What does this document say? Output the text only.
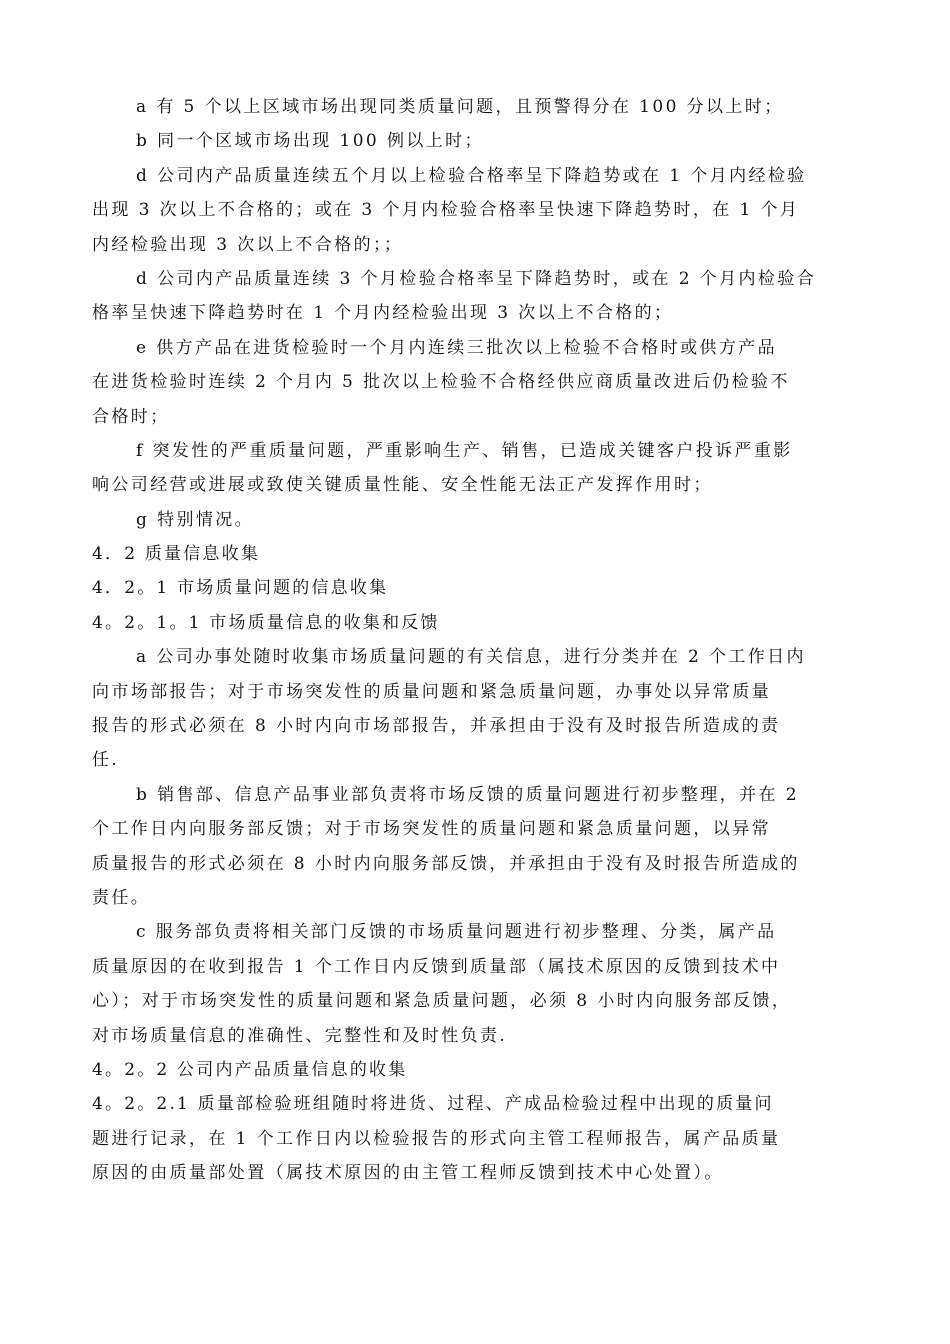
a 有 5 个以上区域市场出现同类质量问题，且预警得分在 100 分以上时；
b 同一个区域市场出现 100 例以上时；
d 公司内产品质量连续五个月以上检验合格率呈下降趋势或在 1 个月内经检验
出现 3 次以上不合格的；或在 3 个月内检验合格率呈快速下降趋势时，在 1 个月
内经检验出现 3 次以上不合格的；；
d 公司内产品质量连续 3 个月检验合格率呈下降趋势时，或在 2 个月内检验合
格率呈快速下降趋势时在 1 个月内经检验出现 3 次以上不合格的；
e 供方产品在进货检验时一个月内连续三批次以上检验不合格时或供方产品
在进货检验时连续 2 个月内 5 批次以上检验不合格经供应商质量改进后仍检验不
合格时；
f 突发性的严重质量问题，严重影响生产、销售，已造成关键客户投诉严重影
响公司经营或进展或致使关键质量性能、安全性能无法正产发挥作用时；
g 特别情况。
4．2 质量信息收集
4．2。1 市场质量问题的信息收集
4。2。1。1 市场质量信息的收集和反馈
a 公司办事处随时收集市场质量问题的有关信息，进行分类并在 2 个工作日内
向市场部报告；对于市场突发性的质量问题和紧急质量问题，办事处以异常质量
报告的形式必须在 8 小时内向市场部报告，并承担由于没有及时报告所造成的责
任.
b 销售部、信息产品事业部负责将市场反馈的质量问题进行初步整理，并在 2
个工作日内向服务部反馈；对于市场突发性的质量问题和紧急质量问题，以异常
质量报告的形式必须在 8 小时内向服务部反馈，并承担由于没有及时报告所造成的
责任。
c 服务部负责将相关部门反馈的市场质量问题进行初步整理、分类，属产品
质量原因的在收到报告 1 个工作日内反馈到质量部（属技术原因的反馈到技术中
心）；对于市场突发性的质量问题和紧急质量问题，必须 8 小时内向服务部反馈，
对市场质量信息的准确性、完整性和及时性负责.
4。2。2 公司内产品质量信息的收集
4。2。2.1 质量部检验班组随时将进货、过程、产成品检验过程中出现的质量问
题进行记录，在 1 个工作日内以检验报告的形式向主管工程师报告，属产品质量
原因的由质量部处置（属技术原因的由主管工程师反馈到技术中心处置）。
